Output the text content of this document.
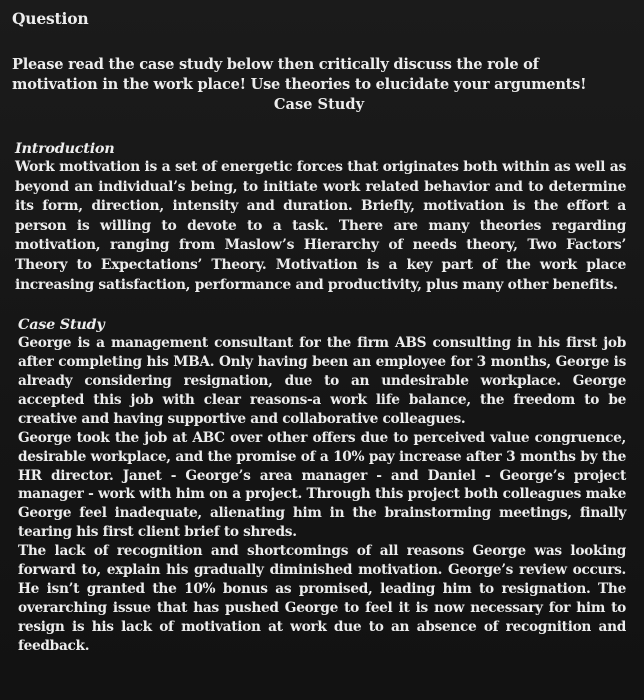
Question
Please read the case study below then critically discuss the role of motivation in the work place! Use theories to elucidate your arguments!
Case Study
Introduction

Work motivation is a set of energetic forces that originates both within as well as beyond an individual’s being, to initiate work related behavior and to determine its form, direction, intensity and duration. Briefly, motivation is the effort a person is willing to devote to a task. There are many theories regarding motivation, ranging from Maslow’s Hierarchy of needs theory, Two Factors’ Theory to Expectations’ Theory. Motivation is a key part of the work place increasing satisfaction, performance and productivity, plus many other benefits.

Case Study

George is a management consultant for the firm ABS consulting in his first job after completing his MBA. Only having been an employee for 3 months, George is already considering resignation, due to an undesirable workplace. George accepted this job with clear reasons-a work life balance, the freedom to be creative and having supportive and collaborative colleagues.

George took the job at ABC over other offers due to perceived value congruence, desirable workplace, and the promise of a 10% pay increase after 3 months by the HR director. Janet - George’s area manager - and Daniel - George’s project manager - work with him on a project. Through this project both colleagues make George feel inadequate, alienating him in the brainstorming meetings, finally tearing his first client brief to shreds.

The lack of recognition and shortcomings of all reasons George was looking forward to, explain his gradually diminished motivation. George’s review occurs. He isn’t granted the 10% bonus as promised, leading him to resignation. The overarching issue that has pushed George to feel it is now necessary for him to resign is his lack of motivation at work due to an absence of recognition and feedback.
